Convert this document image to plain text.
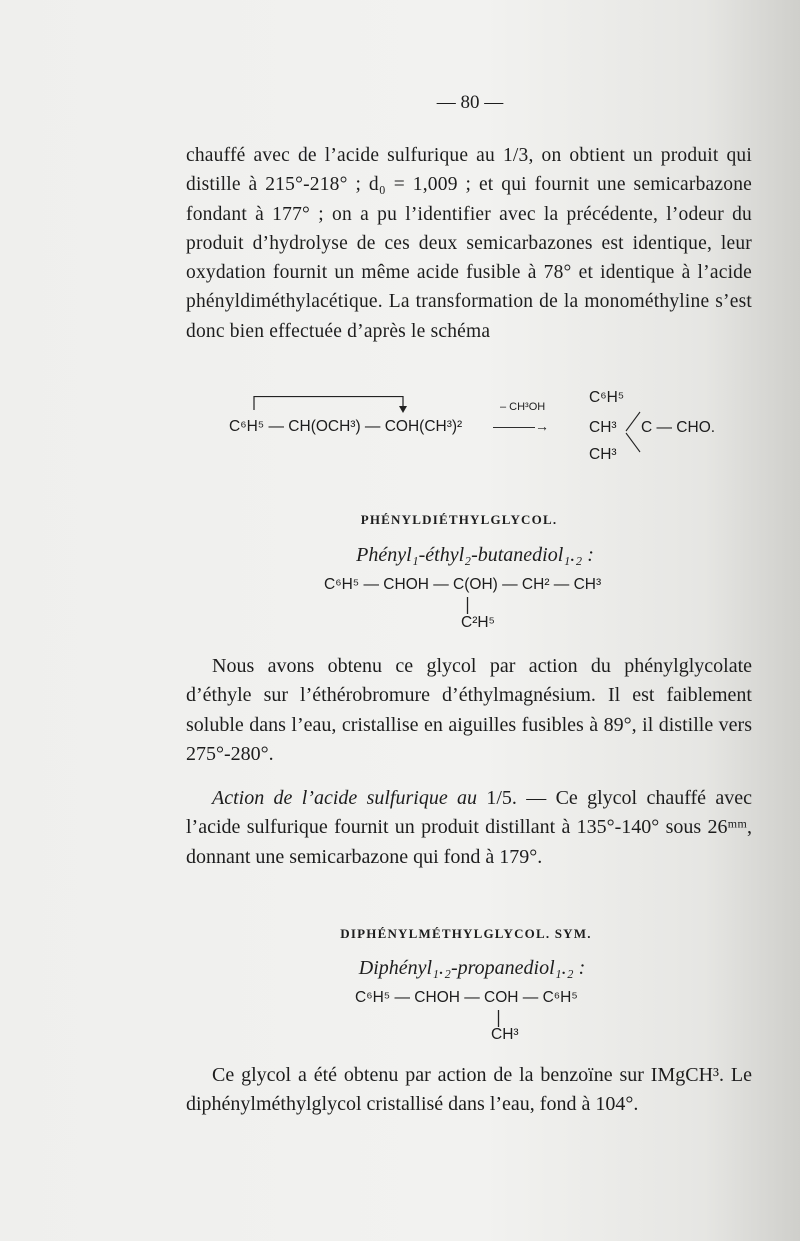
— 80 —

chauffé avec de l’acide sulfurique au 1/3, on obtient un produit qui distille à 215°-218° ; d₀ = 1,009 ; et qui fournit une semicarbazone fondant à 177° ; on a pu l’identifier avec la précédente, l’odeur du produit d’hydrolyse de ces deux semicarbazones est identique, leur oxydation fournit un même acide fusible à 78° et identique à l’acide phényldiméthylacétique. La transformation de la monométhyline s’est donc bien effectuée d’après le schéma

C⁶H⁵ — CH(OCH³) — COH(CH³)²
– CH³OH
———→
C⁶H⁵
CH³ C — CHO.
CH³
PHÉNYLDIÉTHYLGLYCOL.
Phényl₁-éthyl₂-butanediol₁.₂ :
C⁶H⁵ — CHOH — C(OH) — CH² — CH³
C²H⁵

Nous avons obtenu ce glycol par action du phénylglycolate d’éthyle sur l’éthérobromure d’éthylmagnésium. Il est faiblement soluble dans l’eau, cristallise en aiguilles fusibles à 89°, il distille vers 275°-280°.

Action de l’acide sulfurique au 1/5. — Ce glycol chauffé avec l’acide sulfurique fournit un produit distillant à 135°-140° sous 26ᵐᵐ, donnant une semicarbazone qui fond à 179°.

DIPHÉNYLMÉTHYLGLYCOL. SYM.
Diphényl₁.₂-propanediol₁.₂ :
C⁶H⁵ — CHOH — COH — C⁶H⁵
CH³

Ce glycol a été obtenu par action de la benzoïne sur IMgCH³. Le diphénylméthylglycol cristallisé dans l’eau, fond à 104°.
